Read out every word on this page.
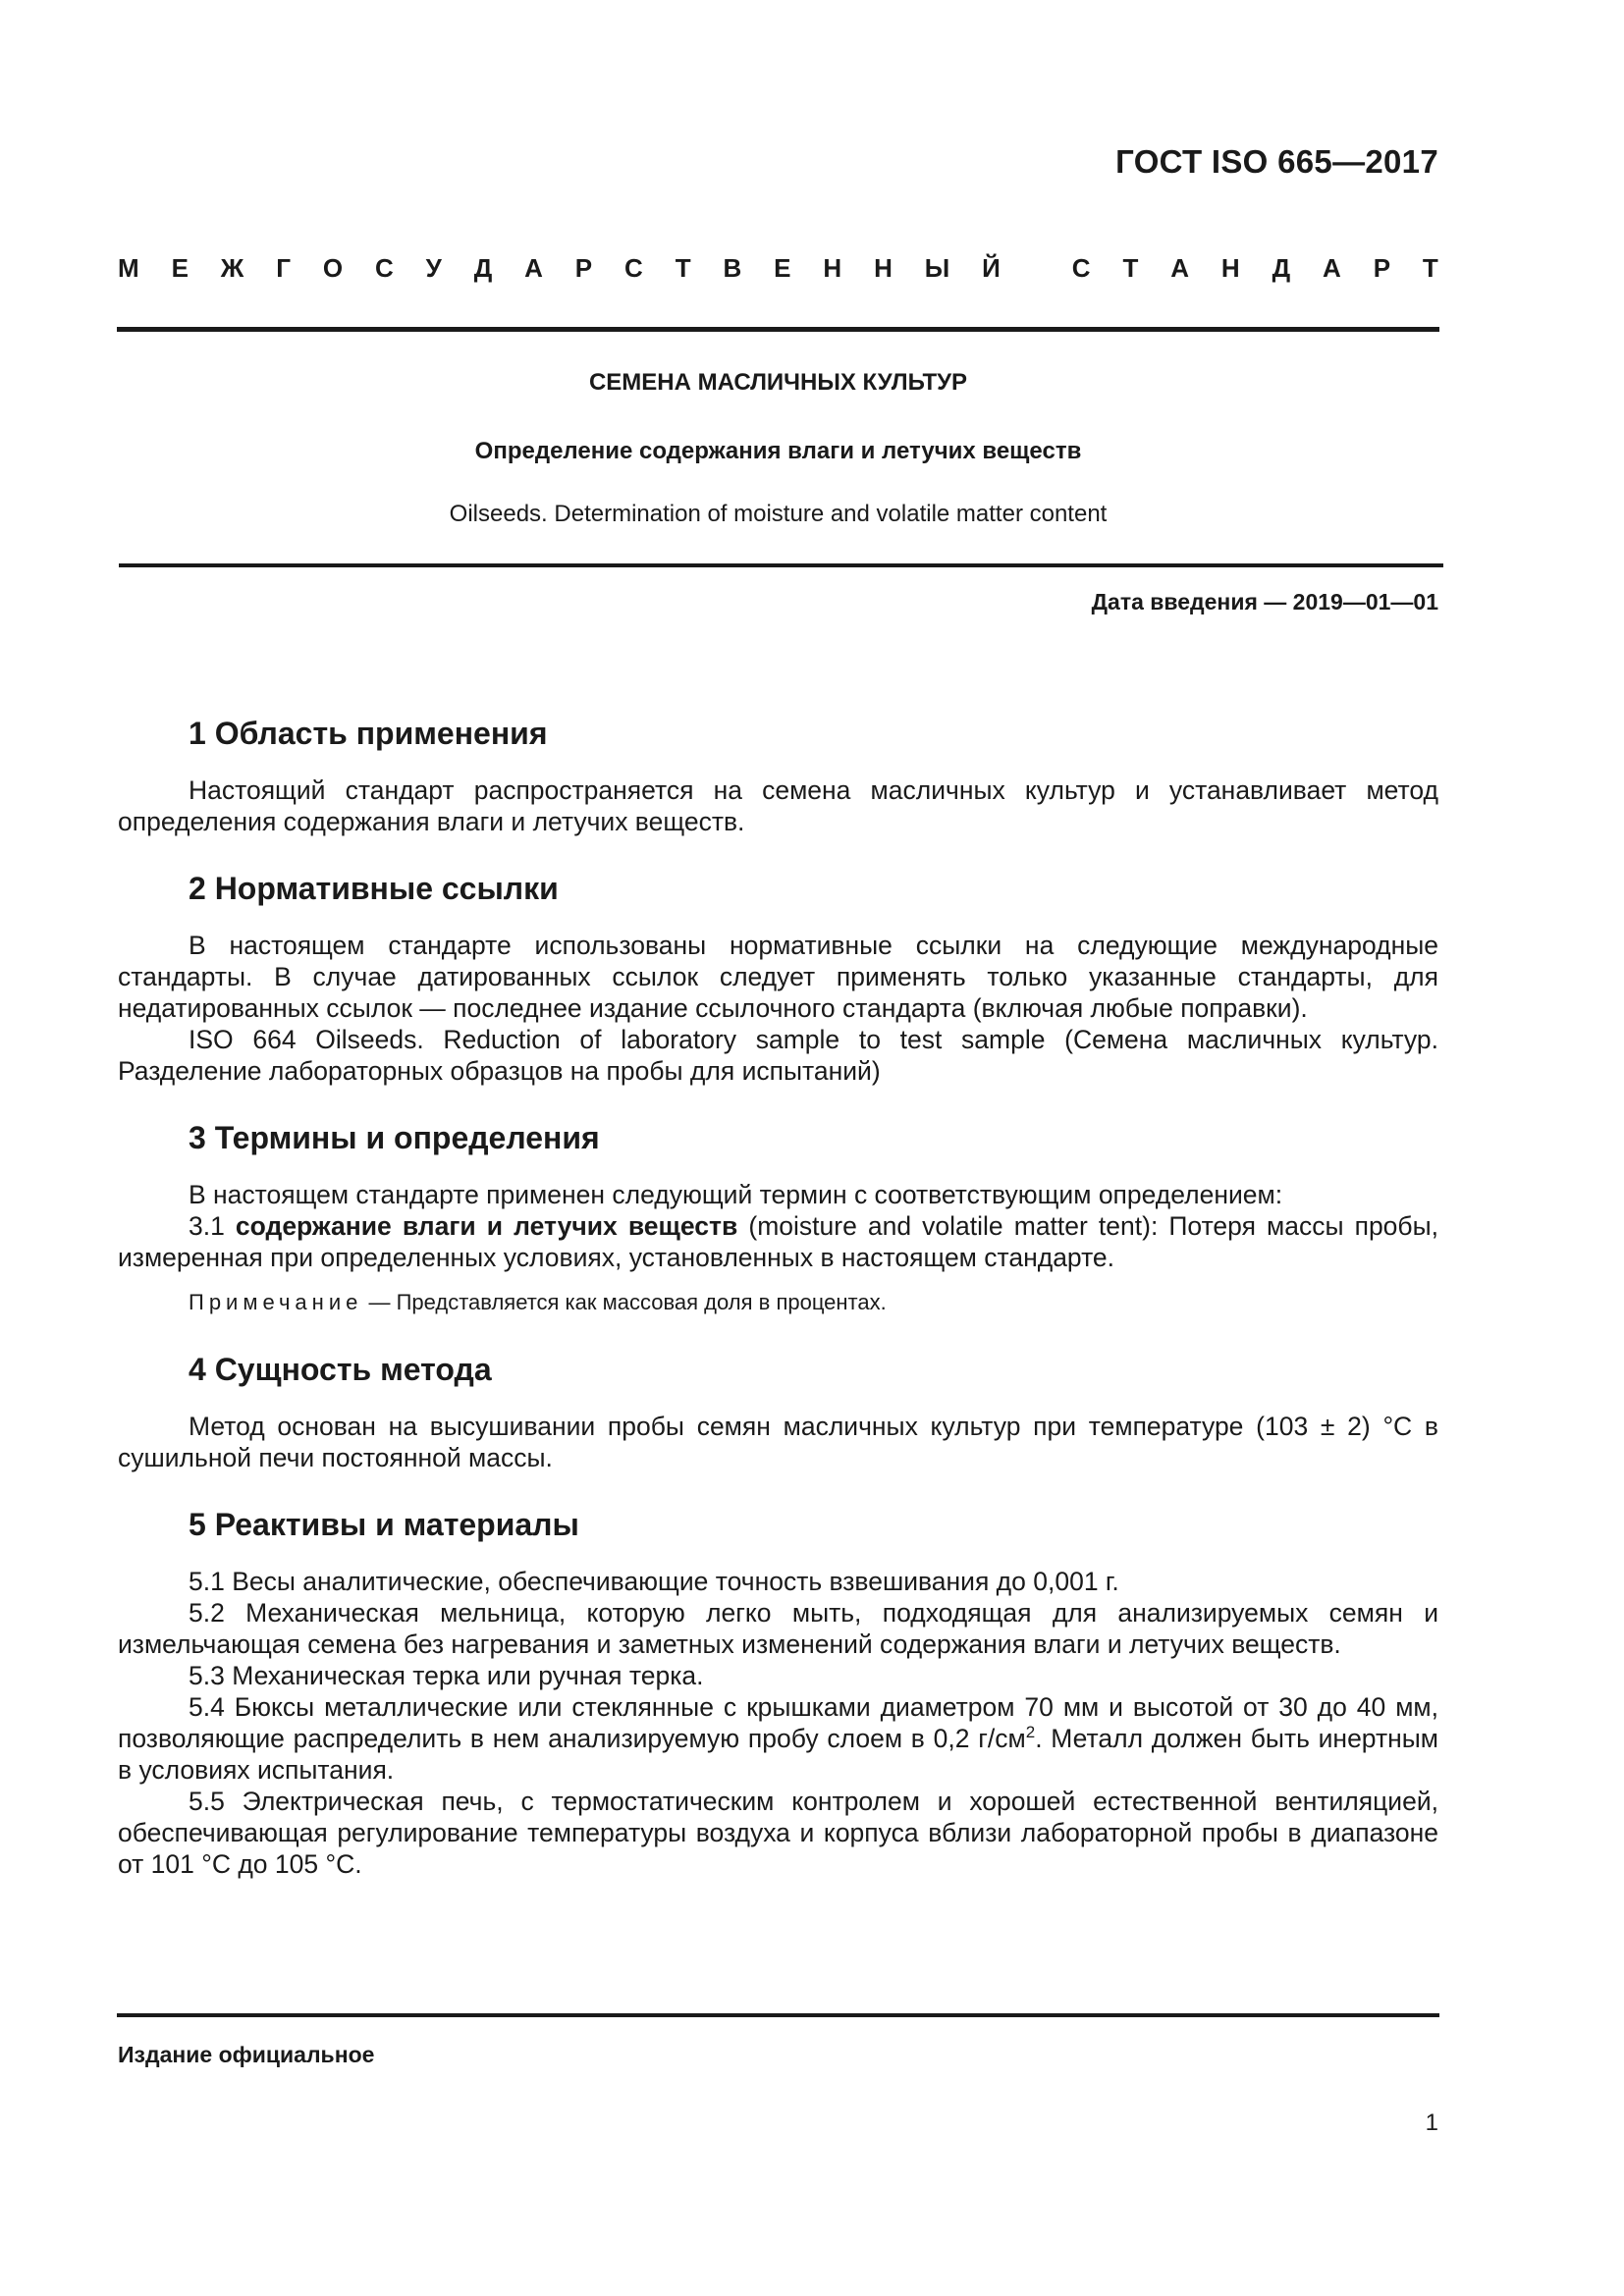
ГОСТ ISO 665—2017
М Е Ж Г О С У Д А Р С Т В Е Н Н Ы Й
	С Т А Н Д А Р Т
СЕМЕНА МАСЛИЧНЫХ КУЛЬТУР
Определение содержания влаги и летучих веществ
Oilseeds. Determination of moisture and volatile matter content
Дата введения — 2019—01—01
1 Область применения

Настоящий стандарт распространяется на семена масличных культур и устанавливает метод определения содержания влаги и летучих веществ.

2 Нормативные ссылки

В настоящем стандарте использованы нормативные ссылки на следующие международные стандарты. В случае датированных ссылок следует применять только указанные стандарты, для недатированных ссылок — последнее издание ссылочного стандарта (включая любые поправки).

ISO 664 Oilseeds. Reduction of laboratory sample to test sample (Семена масличных культур. Разделение лабораторных образцов на пробы для испытаний)

3 Термины и определения

В настоящем стандарте применен следующий термин с соответствующим определением:

3.1 содержание влаги и летучих веществ (moisture and volatile matter tent): Потеря массы пробы, измеренная при определенных условиях, установленных в настоящем стандарте.

Примечание — Представляется как массовая доля в процентах.

4 Сущность метода

Метод основан на высушивании пробы семян масличных культур при температуре (103 ± 2) °С в сушильной печи постоянной массы.

5 Реактивы и материалы

5.1 Весы аналитические, обеспечивающие точность взвешивания до 0,001 г.

5.2 Механическая мельница, которую легко мыть, подходящая для анализируемых семян и измельчающая семена без нагревания и заметных изменений содержания влаги и летучих веществ.

5.3 Механическая терка или ручная терка.

5.4 Бюксы металлические или стеклянные с крышками диаметром 70 мм и высотой от 30 до 40 мм, позволяющие распределить в нем анализируемую пробу слоем в 0,2 $г/см^2$. Металл должен быть инертным в условиях испытания.

5.5 Электрическая печь, с термостатическим контролем и хорошей естественной вентиляцией, обеспечивающая регулирование температуры воздуха и корпуса вблизи лабораторной пробы в диапазоне от 101 °С до 105 °С.

Издание официальное
1
